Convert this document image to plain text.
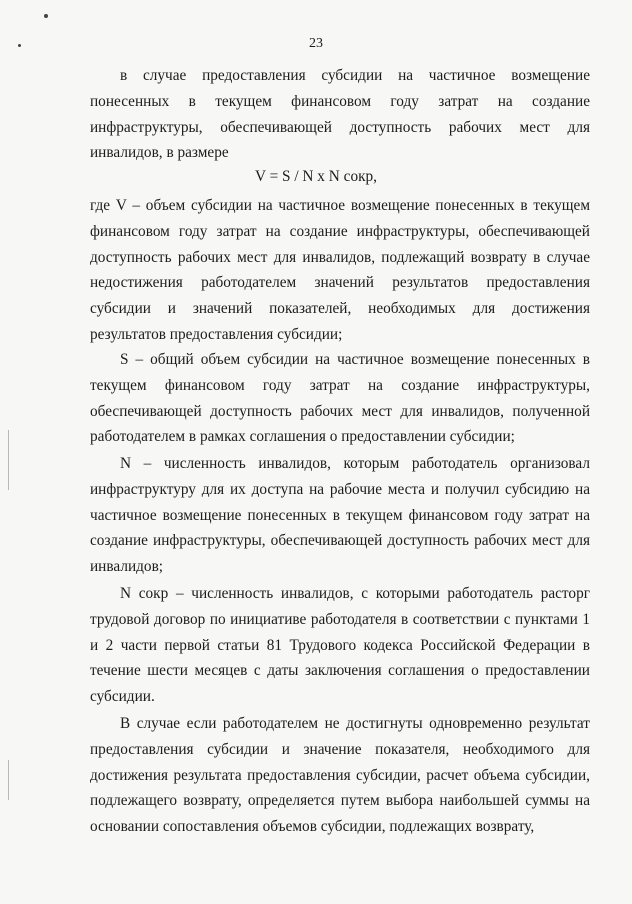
23

в случае предоставления субсидии на частичное возмещение понесенных в текущем финансовом году затрат на создание инфраструктуры, обеспечивающей доступность рабочих мест для инвалидов, в размере

V = S / N x N сокр,

где V – объем субсидии на частичное возмещение понесенных в текущем финансовом году затрат на создание инфраструктуры, обеспечивающей доступность рабочих мест для инвалидов, подлежащий возврату в случае недостижения работодателем значений результатов предоставления субсидии и значений показателей, необходимых для достижения результатов предоставления субсидии;

S – общий объем субсидии на частичное возмещение понесенных в текущем финансовом году затрат на создание инфраструктуры, обеспечивающей доступность рабочих мест для инвалидов, полученной работодателем в рамках соглашения о предоставлении субсидии;

N – численность инвалидов, которым работодатель организовал инфраструктуру для их доступа на рабочие места и получил субсидию на частичное возмещение понесенных в текущем финансовом году затрат на создание инфраструктуры, обеспечивающей доступность рабочих мест для инвалидов;

N сокр – численность инвалидов, с которыми работодатель расторг трудовой договор по инициативе работодателя в соответствии с пунктами 1 и 2 части первой статьи 81 Трудового кодекса Российской Федерации в течение шести месяцев с даты заключения соглашения о предоставлении субсидии.

В случае если работодателем не достигнуты одновременно результат предоставления субсидии и значение показателя, необходимого для достижения результата предоставления субсидии, расчет объема субсидии, подлежащего возврату, определяется путем выбора наибольшей суммы на основании сопоставления объемов субсидии, подлежащих возврату,
